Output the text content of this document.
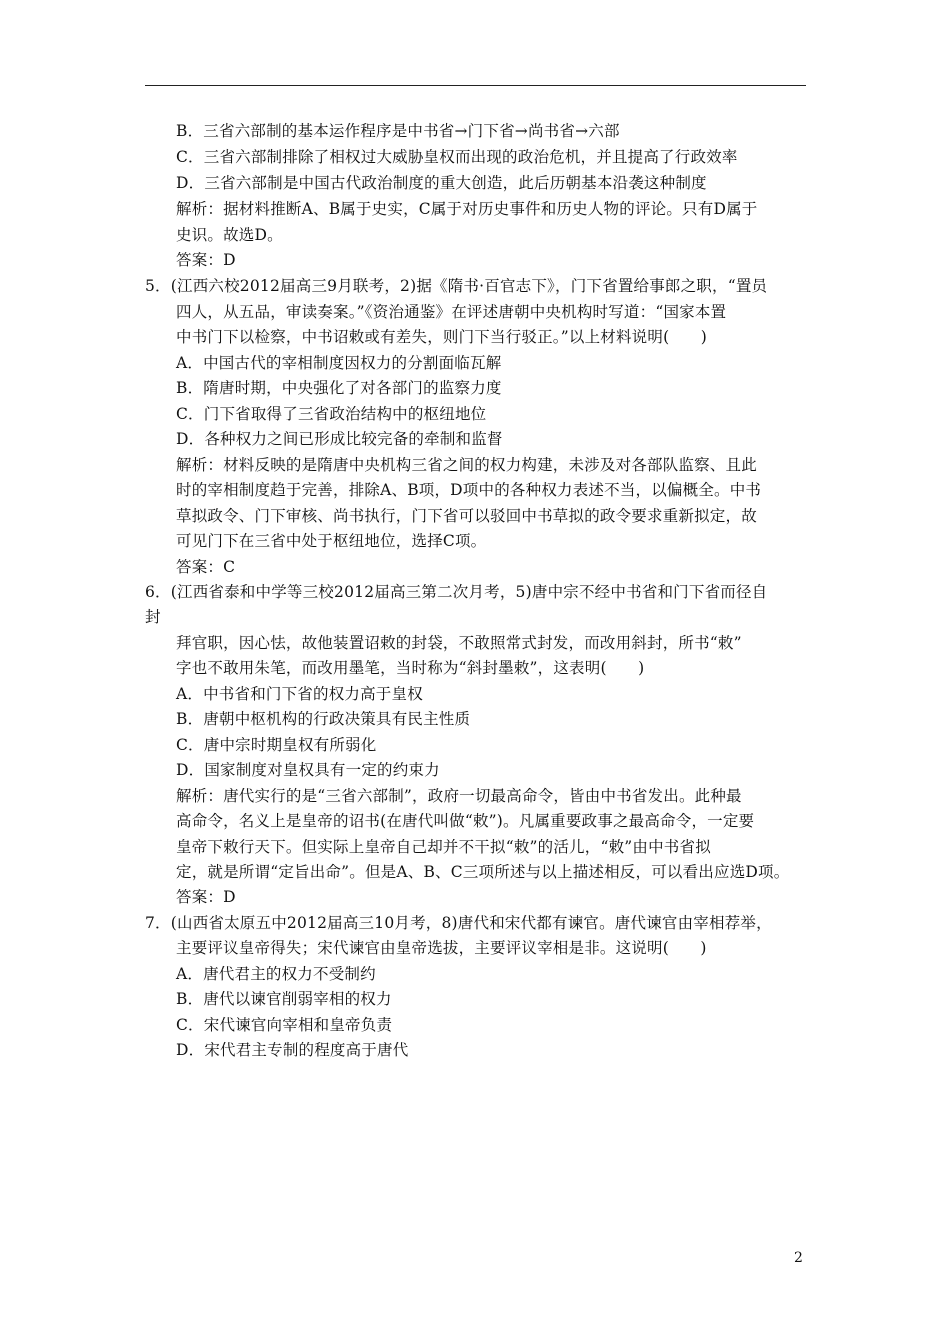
B．三省六部制的基本运作程序是中书省→门下省→尚书省→六部
C．三省六部制排除了相权过大威胁皇权而出现的政治危机，并且提高了行政效率
D．三省六部制是中国古代政治制度的重大创造，此后历朝基本沿袭这种制度
解析：据材料推断A、B属于史实，C属于对历史事件和历史人物的评论。只有D属于
史识。故选D。
答案：D
5．(江西六校2012届高三9月联考，2)据《隋书·百官志下》，门下省置给事郎之职，“置员
四人，从五品，审读奏案。”《资治通鉴》在评述唐朝中央机构时写道：“国家本置
中书门下以检察，中书诏敕或有差失，则门下当行驳正。”以上材料说明(　　)
A．中国古代的宰相制度因权力的分割面临瓦解
B．隋唐时期，中央强化了对各部门的监察力度
C．门下省取得了三省政治结构中的枢纽地位
D．各种权力之间已形成比较完备的牵制和监督
解析：材料反映的是隋唐中央机构三省之间的权力构建，未涉及对各部队监察、且此
时的宰相制度趋于完善，排除A、B项，D项中的各种权力表述不当，以偏概全。中书
草拟政令、门下审核、尚书执行，门下省可以驳回中书草拟的政令要求重新拟定，故
可见门下在三省中处于枢纽地位，选择C项。
答案：C
6．(江西省泰和中学等三校2012届高三第二次月考，5)唐中宗不经中书省和门下省而径自
封
拜官职，因心怯，故他装置诏敕的封袋，不敢照常式封发，而改用斜封，所书“敕”
字也不敢用朱笔，而改用墨笔，当时称为“斜封墨敕”，这表明(　　)
A．中书省和门下省的权力高于皇权
B．唐朝中枢机构的行政决策具有民主性质
C．唐中宗时期皇权有所弱化
D．国家制度对皇权具有一定的约束力
解析：唐代实行的是“三省六部制”，政府一切最高命令，皆由中书省发出。此种最
高命令，名义上是皇帝的诏书(在唐代叫做“敕”)。凡属重要政事之最高命令，一定要
皇帝下敕行天下。但实际上皇帝自己却并不干拟“敕”的活儿，“敕”由中书省拟
定，就是所谓“定旨出命”。但是A、B、C三项所述与以上描述相反，可以看出应选D项。
答案：D
7．(山西省太原五中2012届高三10月考，8)唐代和宋代都有谏官。唐代谏官由宰相荐举，
主要评议皇帝得失；宋代谏官由皇帝选拔，主要评议宰相是非。这说明(　　)
A．唐代君主的权力不受制约
B．唐代以谏官削弱宰相的权力
C．宋代谏官向宰相和皇帝负责
D．宋代君主专制的程度高于唐代
2
